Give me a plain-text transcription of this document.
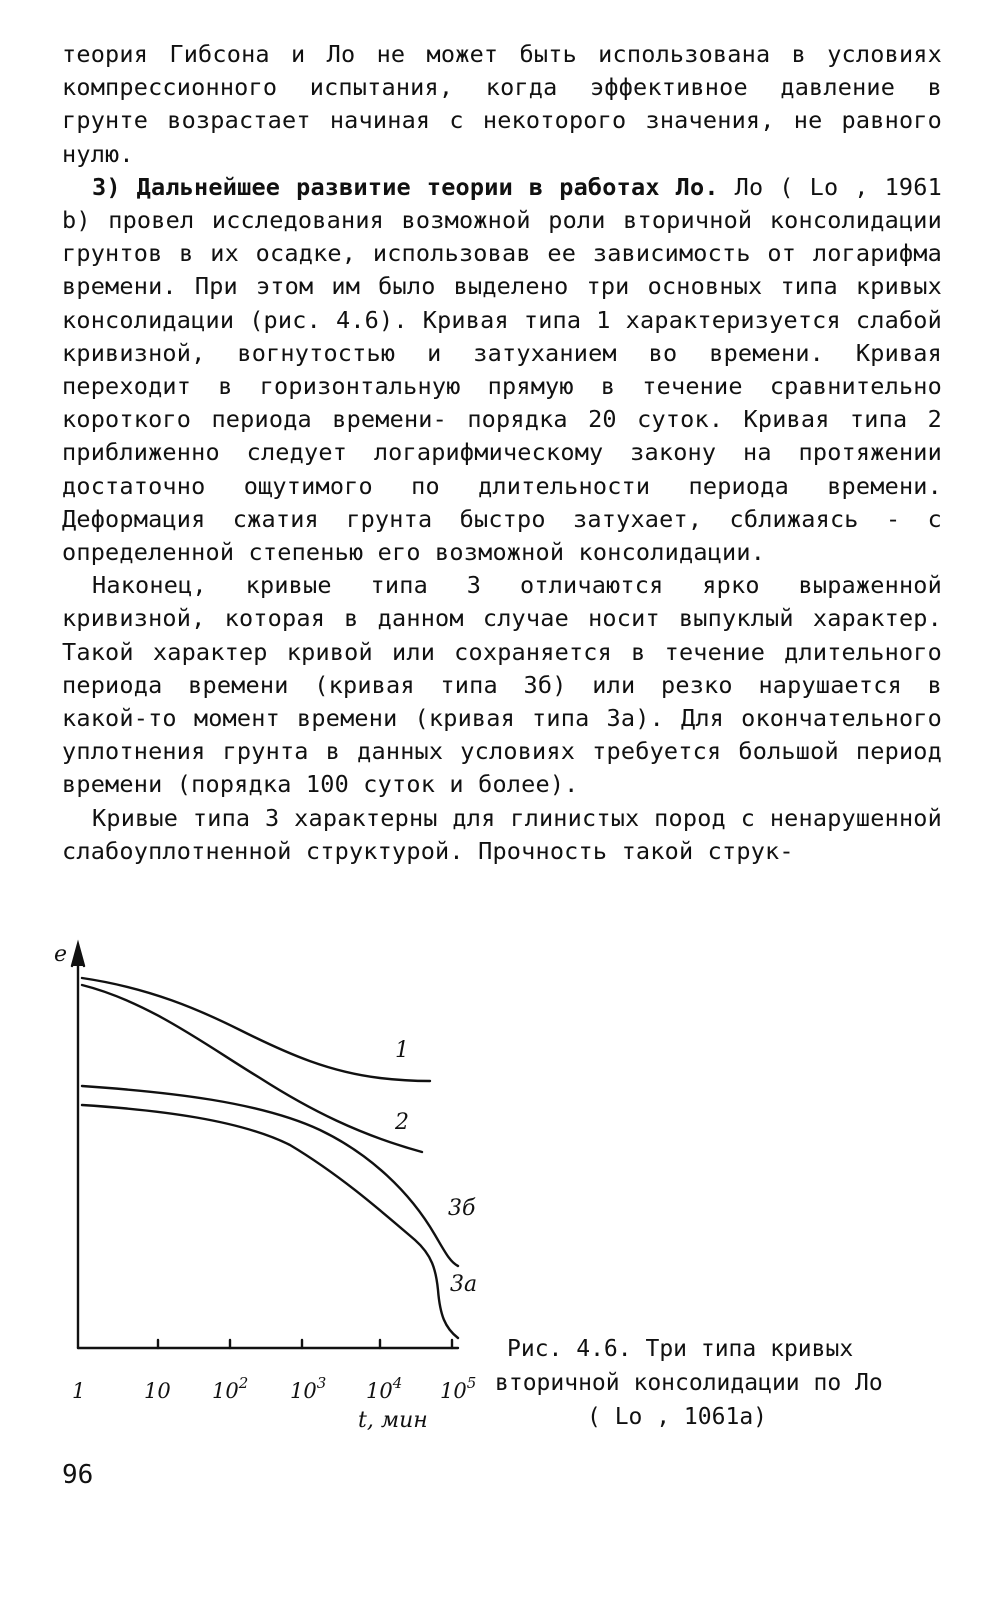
теория Гибсона и Ло не может быть использована в условиях компрессионного испытания, когда эффективное давление в грунте возрастает начиная с некоторого значения, не равного нулю.

3) Дальнейшее развитие теории в работах Ло. Ло ( Lo , 1961 b) провел исследования возможной роли вторичной консолидации грунтов в их осадке, использовав ее зависимость от логарифма времени. При этом им было выделено три основных типа кривых консолидации (рис. 4.6). Кривая типа 1 характеризуется слабой кривизной, вогнутостью и затуханием во времени. Кривая переходит в горизонтальную прямую в течение сравнительно короткого периода времени- порядка 20 суток. Кривая типа 2 приближенно следует логарифмическому закону на протяжении достаточно ощутимого по длительности периода времени. Деформация сжатия грунта быстро затухает, сближаясь - с определенной степенью его возможной консолидации.

Наконец, кривые типа 3 отличаются ярко выраженной кривизной, которая в данном случае носит выпуклый характер. Такой характер кривой или сохраняется в течение длительного периода времени (кривая типа 3б) или резко нарушается в какой-то момент времени (кривая типа 3а). Для окончательного уплотнения грунта в данных условиях требуется большой период времени (порядка 100 суток и более).

Кривые типа 3 характерны для глинистых пород с ненарушенной слабоуплотненной структурой. Прочность такой струк-

e
1
2
3б
3а
1	10 $10^2$ $10^3$ $10^4$ $10^5$
t, мин
Рис. 4.6. Три типа кривых
вторичной консолидации по Ло
( Lo , 1061a)
96
